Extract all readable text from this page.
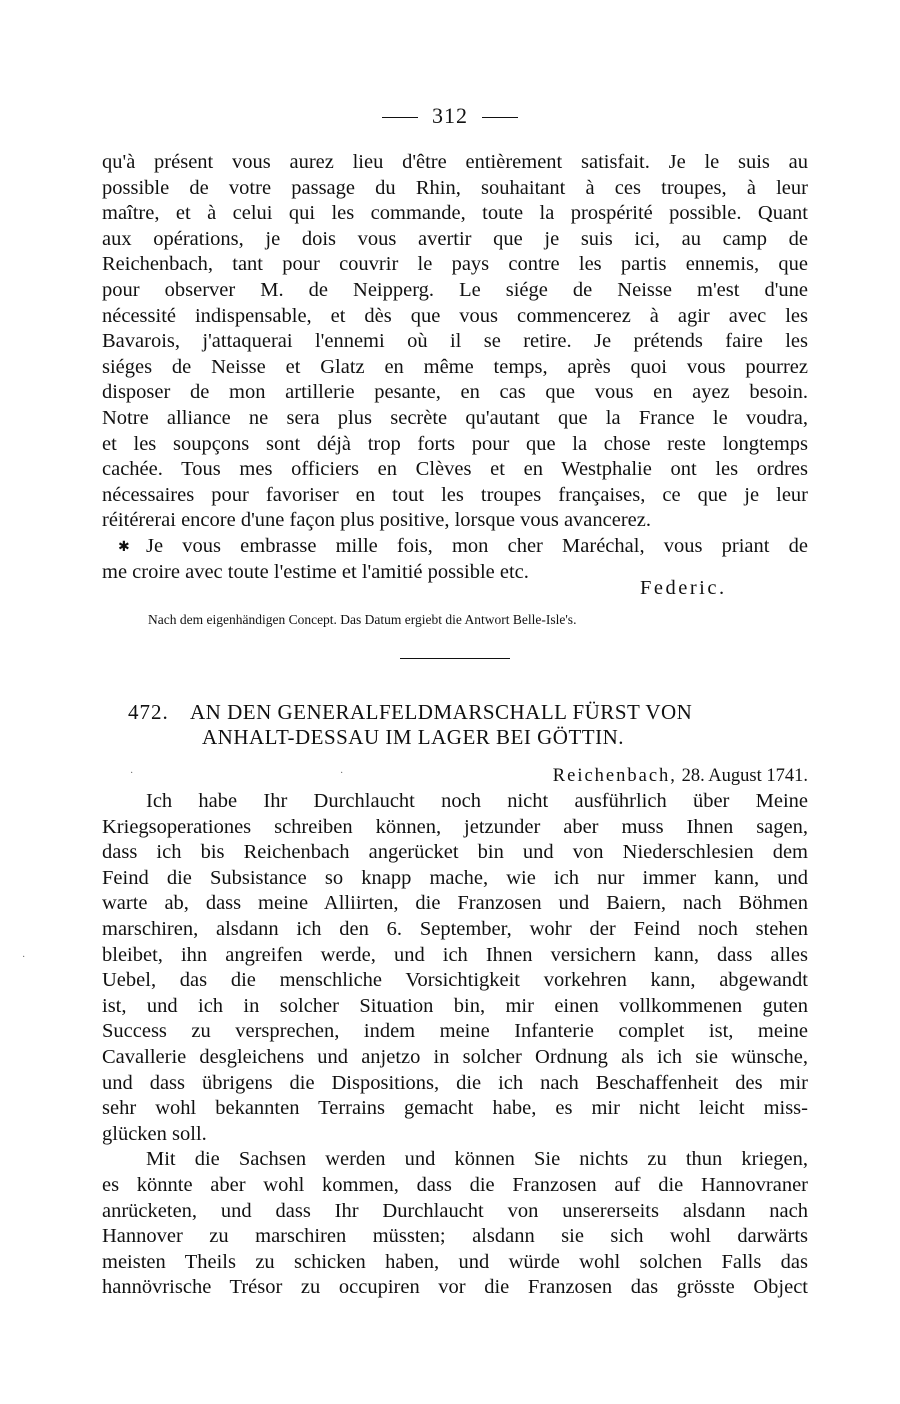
312
qu'à présent vous aurez lieu d'être entièrement satisfait. Je le suis au
possible de votre passage du Rhin, souhaitant à ces troupes, à leur
maître, et à celui qui les commande, toute la prospérité possible. Quant
aux opérations, je dois vous avertir que je suis ici, au camp de
Reichenbach, tant pour couvrir le pays contre les partis ennemis, que
pour observer M. de Neipperg. Le siége de Neisse m'est d'une
nécessité indispensable, et dès que vous commencerez à agir avec les
Bavarois, j'attaquerai l'ennemi où il se retire. Je prétends faire les
siéges de Neisse et Glatz en même temps, après quoi vous pourrez
disposer de mon artillerie pesante, en cas que vous en ayez besoin.
Notre alliance ne sera plus secrète qu'autant que la France le voudra,
et les soupçons sont déjà trop forts pour que la chose reste longtemps
cachée. Tous mes officiers en Clèves et en Westphalie ont les ordres
nécessaires pour favoriser en tout les troupes françaises, ce que je leur
réitérerai encore d'une façon plus positive, lorsque vous avancerez.
Je vous embrasse mille fois, mon cher Maréchal, vous priant de
me croire avec toute l'estime et l'amitié possible etc.
✱
Federic.
Nach dem eigenhändigen Concept. Das Datum ergiebt die Antwort Belle-Isle's.
472. AN DEN GENERALFELDMARSCHALL FÜRST VON
ANHALT-DESSAU IM LAGER BEI GÖTTIN.
Reichenbach, 28. August 1741.
·	·
·
Ich habe Ihr Durchlaucht noch nicht ausführlich über Meine
Kriegsoperationes schreiben können, jetzunder aber muss Ihnen sagen,
dass ich bis Reichenbach angerücket bin und von Niederschlesien dem
Feind die Subsistance so knapp mache, wie ich nur immer kann, und
warte ab, dass meine Alliirten, die Franzosen und Baiern, nach Böhmen
marschiren, alsdann ich den 6. September, wohr der Feind noch stehen
bleibet, ihn angreifen werde, und ich Ihnen versichern kann, dass alles
Uebel, das die menschliche Vorsichtigkeit vorkehren kann, abgewandt
ist, und ich in solcher Situation bin, mir einen vollkommenen guten
Success zu versprechen, indem meine Infanterie complet ist, meine
Cavallerie desgleichens und anjetzo in solcher Ordnung als ich sie wünsche,
und dass übrigens die Dispositions, die ich nach Beschaffenheit des mir
sehr wohl bekannten Terrains gemacht habe, es mir nicht leicht miss-
glücken soll.
Mit die Sachsen werden und können Sie nichts zu thun kriegen,
es könnte aber wohl kommen, dass die Franzosen auf die Hannovraner
anrücketen, und dass Ihr Durchlaucht von unsererseits alsdann nach
Hannover zu marschiren müssten; alsdann sie sich wohl darwärts
meisten Theils zu schicken haben, und würde wohl solchen Falls das
hannövrische Trésor zu occupiren vor die Franzosen das grösste Object
